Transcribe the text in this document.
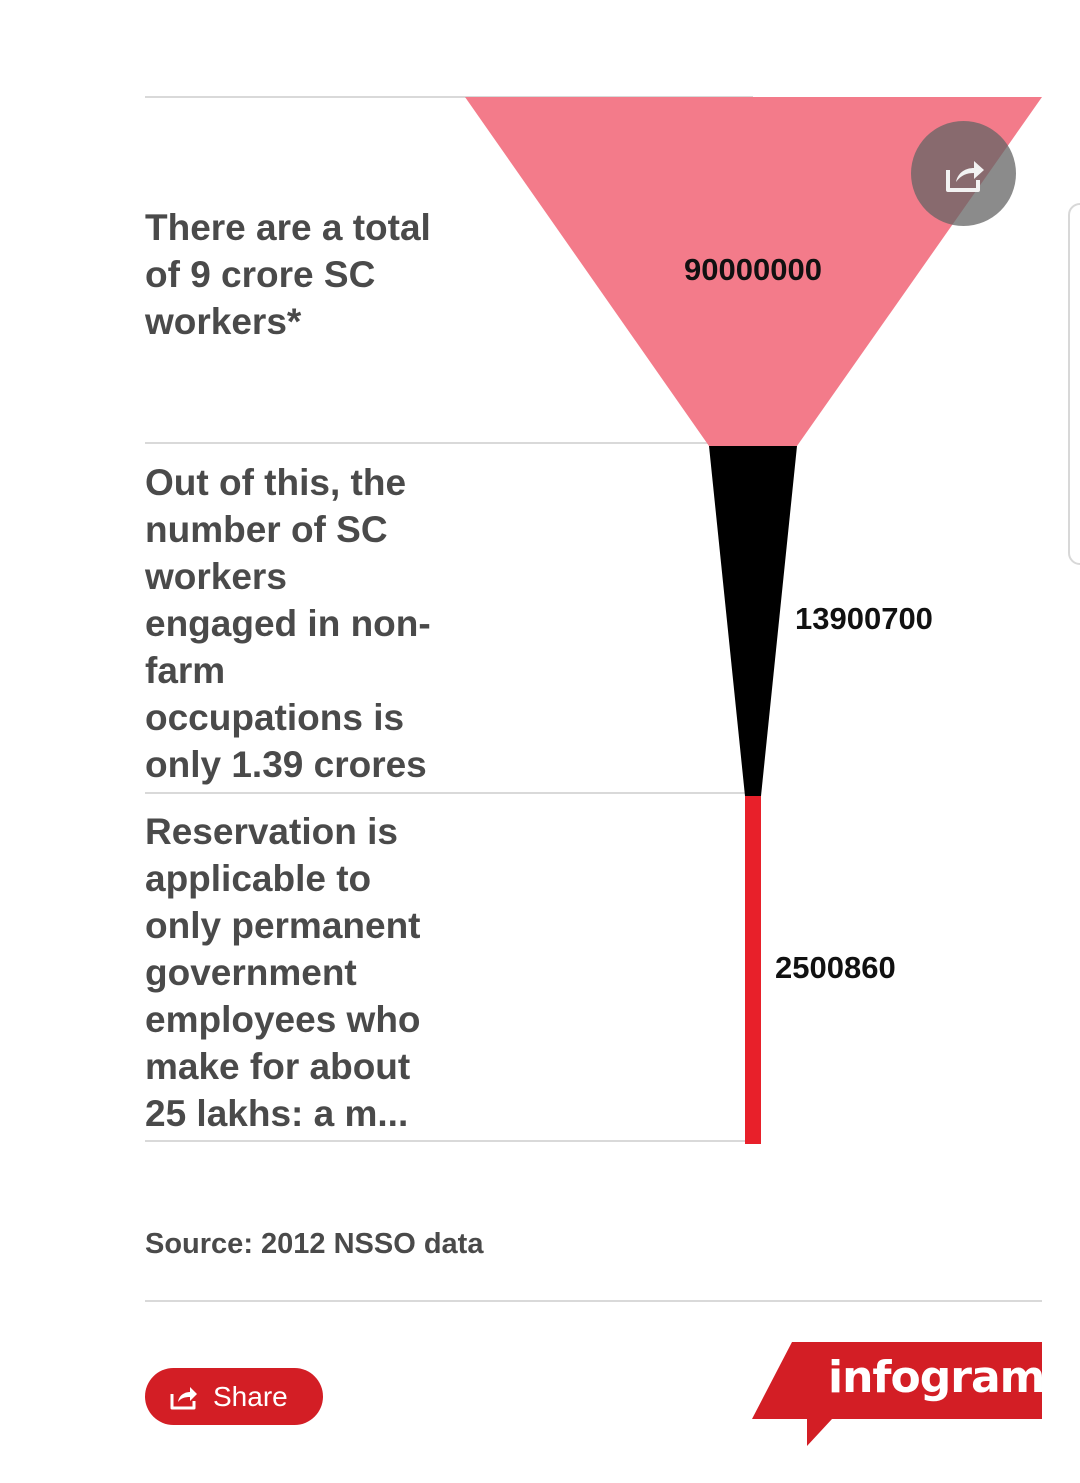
There are a total of 9 crore SC workers*
Out of this, the number of SC workers engaged in non-farm occupations is only 1.39 crores
Reservation is applicable to only permanent government employees who make for about 25 lakhs: a m...
90000000
13900700
2500860
Source: 2012 NSSO data
Share	infogram
